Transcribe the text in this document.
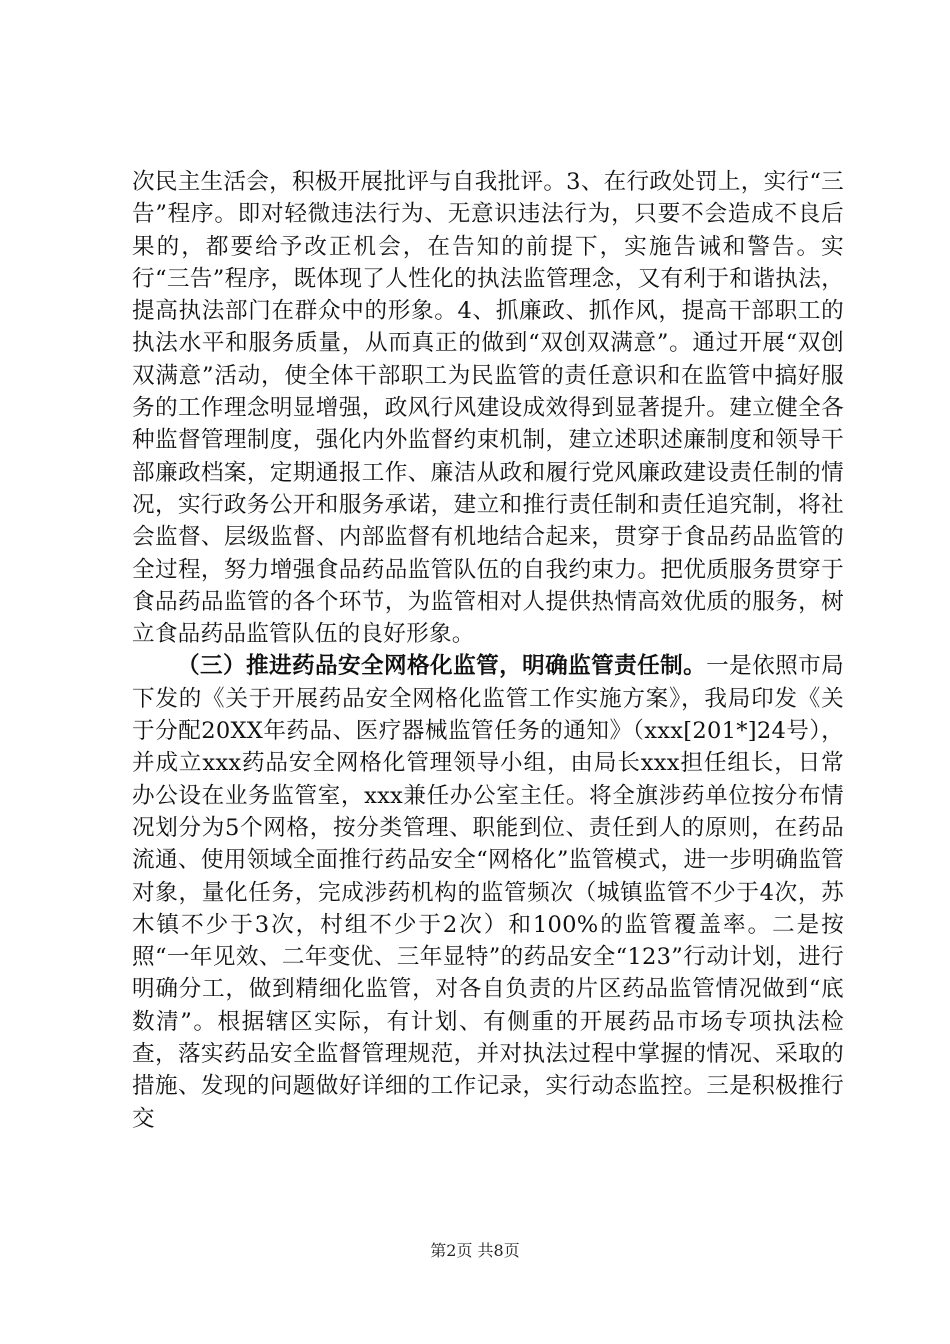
次民主生活会，积极开展批评与自我批评。3、在行政处罚上，实行“三告”程序。即对轻微违法行为、无意识违法行为，只要不会造成不良后果的，都要给予改正机会，在告知的前提下，实施告诫和警告。实行“三告”程序，既体现了人性化的执法监管理念，又有利于和谐执法，提高执法部门在群众中的形象。4、抓廉政、抓作风，提高干部职工的执法水平和服务质量，从而真正的做到“双创双满意”。通过开展“双创双满意”活动，使全体干部职工为民监管的责任意识和在监管中搞好服务的工作理念明显增强，政风行风建设成效得到显著提升。建立健全各种监督管理制度，强化内外监督约束机制，建立述职述廉制度和领导干部廉政档案，定期通报工作、廉洁从政和履行党风廉政建设责任制的情况，实行政务公开和服务承诺，建立和推行责任制和责任追究制，将社会监督、层级监督、内部监督有机地结合起来，贯穿于食品药品监管的全过程，努力增强食品药品监管队伍的自我约束力。把优质服务贯穿于食品药品监管的各个环节，为监管相对人提供热情高效优质的服务，树立食品药品监管队伍的良好形象。

（三）推进药品安全网格化监管，明确监管责任制。一是依照市局下发的《关于开展药品安全网格化监管工作实施方案》，我局印发《关于分配20XX年药品、医疗器械监管任务的通知》（xxx[201*]24号），并成立xxx药品安全网格化管理领导小组，由局长xxx担任组长，日常办公设在业务监管室，xxx兼任办公室主任。将全旗涉药单位按分布情况划分为5个网格，按分类管理、职能到位、责任到人的原则，在药品流通、使用领域全面推行药品安全“网格化”监管模式，进一步明确监管对象，量化任务，完成涉药机构的监管频次（城镇监管不少于4次，苏木镇不少于3次，村组不少于2次）和100%的监管覆盖率。二是按照“一年见效、二年变优、三年显特”的药品安全“123”行动计划，进行明确分工，做到精细化监管，对各自负责的片区药品监管情况做到“底数清”。根据辖区实际，有计划、有侧重的开展药品市场专项执法检查，落实药品安全监督管理规范，并对执法过程中掌握的情况、采取的措施、发现的问题做好详细的工作记录，实行动态监控。三是积极推行交

第2页 共8页
